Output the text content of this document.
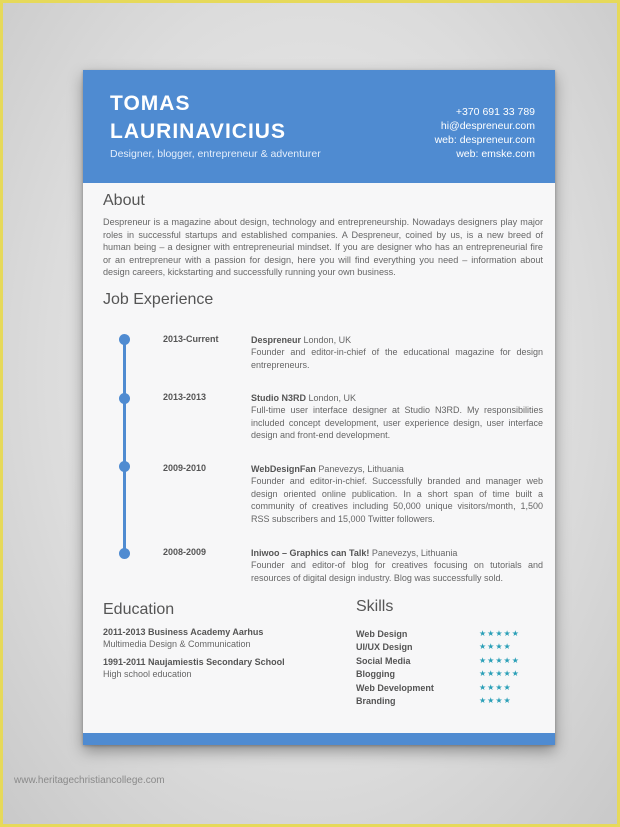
TOMAS
LAURINAVICIUS
Designer, blogger, entrepreneur & adventurer
+370 691 33 789
hi@despreneur.com
web: despreneur.com
web: emske.com
About
Despreneur is a magazine about design, technology and entrepreneurship. Nowadays designers play major roles in successful startups and established companies. A Despreneur, coined by us, is a new breed of human being – a designer with entrepreneurial mindset. If you are designer who has an entrepreneurial fire or an entrepreneur with a passion for design, here you will find everything you need – information about design careers, kickstarting and successfully running your own business.
Job Experience
2013-Current	Despreneur London, UK
Founder and editor-in-chief of the educational magazine for design entrepreneurs.
2013-2013	Studio N3RD London, UK
Full-time user interface designer at Studio N3RD. My responsibilities included concept development, user experience design, user interface design and front-end development.
2009-2010	WebDesignFan Panevezys, Lithuania
Founder and editor-in-chief. Successfully branded and manager web design oriented online publication. In a short span of time built a community of creatives including 50,000 unique visitors/month, 1,500 RSS subscribers and 15,000 Twitter followers.
2008-2009	Iniwoo – Graphics can Talk! Panevezys, Lithuania
Founder and editor-of blog for creatives focusing on tutorials and resources of digital design industry. Blog was successfully sold.
Education
2011-2013 Business Academy Aarhus
Multimedia Design & Communication
1991-2011 Naujamiestis Secondary School
High school education
Skills
Web Design	★★★★★
UI/UX Design	★★★★
Social Media	★★★★★
Blogging	★★★★★
Web Development	★★★★
Branding	★★★★
www.heritagechristiancollege.com
